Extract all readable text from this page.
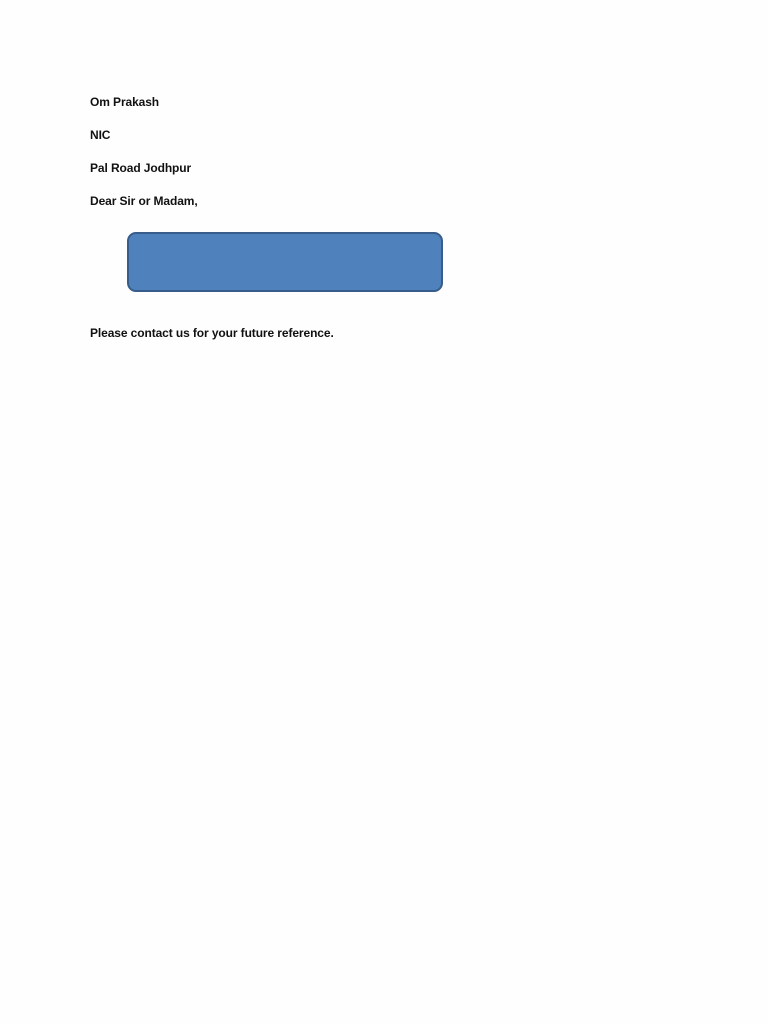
Om Prakash
NIC
Pal Road Jodhpur
Dear Sir or Madam,
Please contact us for your future reference.
